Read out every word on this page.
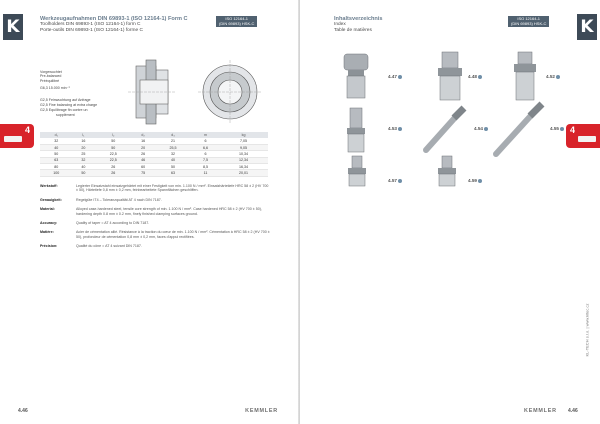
K
4
Werkzeugaufnahmen DIN 69893-1 (ISO 12164-1) Form C
Toolholders DIN 69893-1 (ISO 12164-1) form C
Porte-outils DIN 69893-1 (ISO 12164-1) forme C
ISO 12164-1
(DIN 69893) HSK-C
Vorgewuchtet
Pre-balanced
Prééquilibré
G6,3 15.000 min⁻¹
G2,5 Feinwuchtung auf Anfrage
G2,5 Fine balancing at extra charge
G2,5 Equilibrage fin contre un
supplément
d₁	l₁	l₂	d₂	d₃	m	kg
32	16	50	16	21	6	7,05
40	20	50	20	25,5	6,6	9,05
50	25	22,5	26	32	6	10,34
63	32	22,5	46	40	7,5	12,34
80	40	26	60	50	8,5	16,34
100	50	26	75	63	11	20,01
Werkstoff:	Legierter Einsatzstahl einsatzgehärtet mit einer Festigkeit von min. 1.100 N / mm². Einsatzhärtetiefe HRC 58 ± 2 (HV 700 ± 50), Härtetiefe 0,8 mm ± 0,2 mm, feinbearbeitete Spannflächen geschliffen.
Genauigkeit:	Regelgüte IT4 – Toleranzqualität AT 4 nach DIN 7187.
Material:	Alloyed case-hardened steel, tensile core strength of min. 1.100 N / mm². Case hardened HRC 58 ± 2 (HV 700 ± 50), hardening depth 0.8 mm ± 0.2 mm, finely finished clamping surfaces ground.
Accuracy:	Quality of taper = AT 4 according to DIN 7187.
Matière:	Acier de cémentation allié. Résistance à la traction du cœur de min. 1.100 N / mm². Cémentation à HRC 58 ± 2 (HV 700 ± 50), profondeur de cémentation 0,8 mm ± 0,2 mm, faces d'appui rectifiées.
Précision:	Qualité du cône = AT 4 suivant DIN 7187.
4.46	KEMMLER
K
4
Inhaltsverzeichnis
Index
Table de matières
ISO 12164-1
(DIN 69893) HSK-C
4.47	4.48	4.52
4.53	4.54	4.55
4.57	4.59
KL-TECH s.r.o. | www.kltec.cz
KEMMLER 4.46
